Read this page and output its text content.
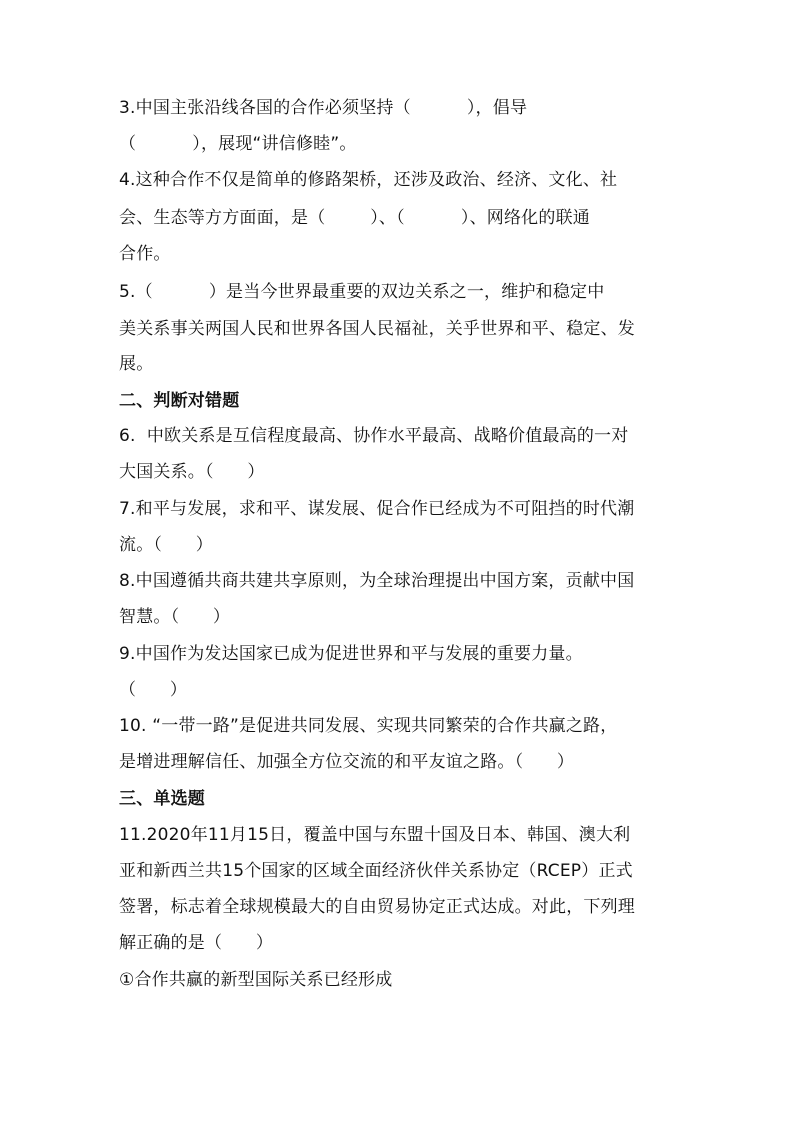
3.中国主张沿线各国的合作必须坚持（          ），倡导
（          ），展现“讲信修睦”。
4.这种合作不仅是简单的修路架桥，还涉及政治、经济、文化、社
会、生态等方方面面，是（        ）、（          ）、网络化的联通
合作。
5.（          ）是当今世界最重要的双边关系之一，维护和稳定中
美关系事关两国人民和世界各国人民福祉，关乎世界和平、稳定、发
展。
二、判断对错题
6.  中欧关系是互信程度最高、协作水平最高、战略价值最高的一对
大国关系。（      ）
7.和平与发展，求和平、谋发展、促合作已经成为不可阻挡的时代潮
流。（      ）
8.中国遵循共商共建共享原则，为全球治理提出中国方案，贡献中国
智慧。（      ）
9.中国作为发达国家已成为促进世界和平与发展的重要力量。
（      ）
10. “一带一路”是促进共同发展、实现共同繁荣的合作共赢之路，
是增进理解信任、加强全方位交流的和平友谊之路。（      ）
三、单选题
11.2020年11月15日，覆盖中国与东盟十国及日本、韩国、澳大利
亚和新西兰共15个国家的区域全面经济伙伴关系协定（RCEP）正式
签署，标志着全球规模最大的自由贸易协定正式达成。对此，下列理
解正确的是（      ）
①合作共赢的新型国际关系已经形成
